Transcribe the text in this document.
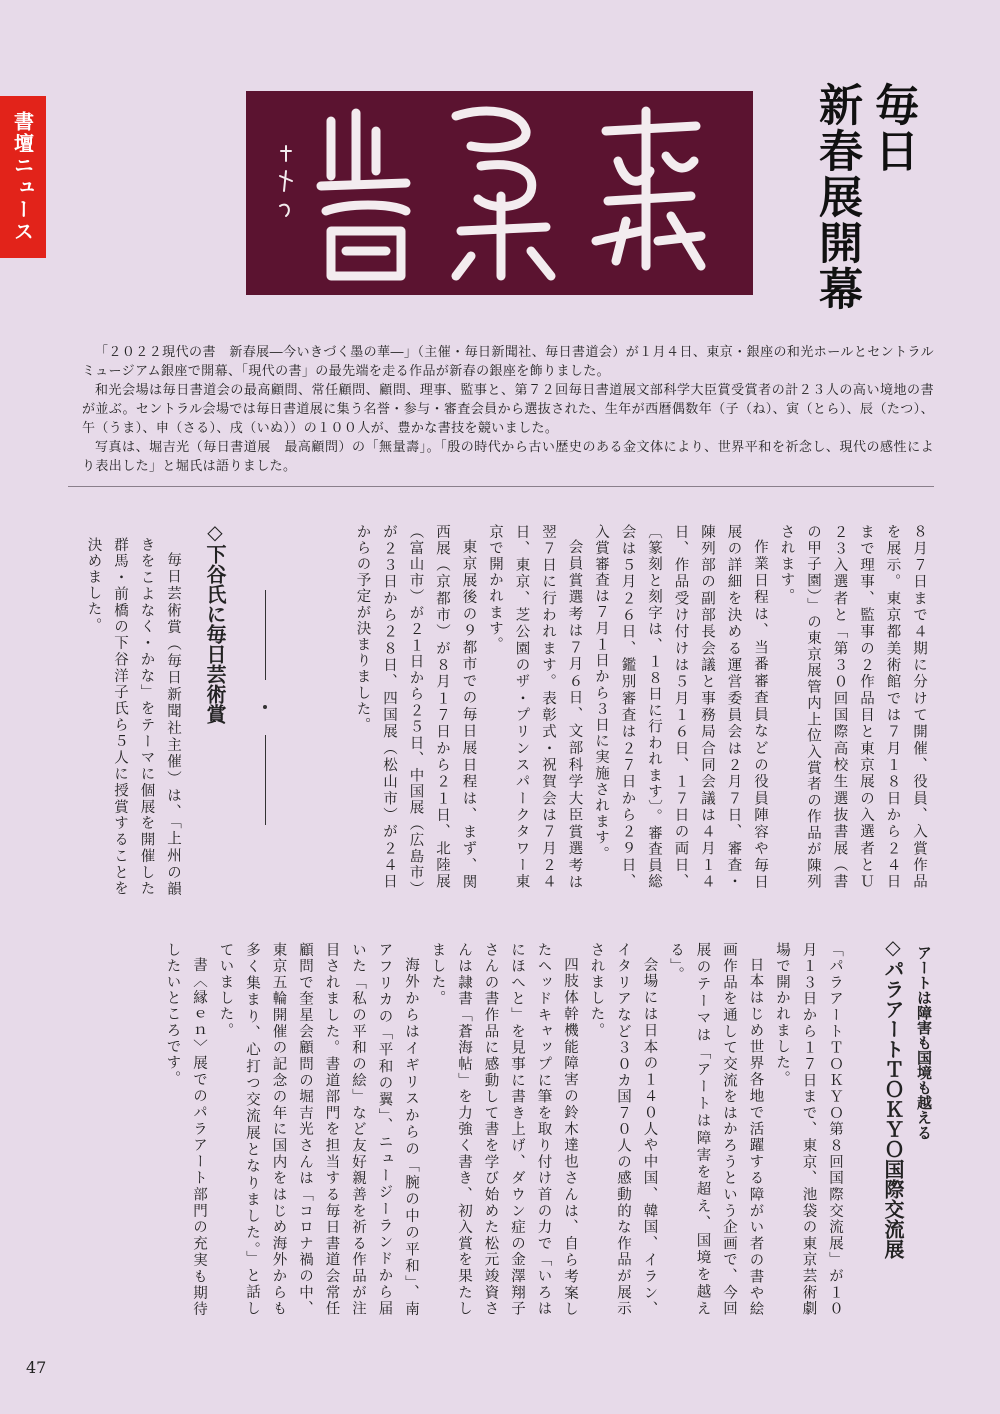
書壇ニュース	毎日
新春展開幕

「２０２２現代の書　新春展―今いきづく墨の華―」（主催・毎日新聞社、毎日書道会）が１月４日、東京・銀座の和光ホールとセントラルミュージアム銀座で開幕、「現代の書」の最先端を走る作品が新春の銀座を飾りました。

和光会場は毎日書道会の最高顧問、常任顧問、顧問、理事、監事と、第７２回毎日書道展文部科学大臣賞受賞者の計２３人の高い境地の書が並ぶ。セントラル会場では毎日書道展に集う名誉・参与・審査会員から選抜された、生年が西暦偶数年（子（ね）、寅（とら）、辰（たつ）、午（うま）、申（さる）、戌（いぬ））の１００人が、豊かな書技を競いました。

写真は、堀吉光（毎日書道展　最高顧問）の「無量壽」。「殷の時代から古い歴史のある金文体により、世界平和を祈念し、現代の感性により表出した」と堀氏は語りました。

８月７日まで４期に分けて開催、役員、入賞作品を展示。東京都美術館では７月１８日から２４日まで理事、監事の２作品目と東京展の入選者とＵ２３入選者と「第３０回国際高校生選抜書展（書の甲子園）」の東京展管内上位入賞者の作品が陳列されます。

作業日程は、当番審査員などの役員陣容や毎日展の詳細を決める運営委員会は２月７日、審査・陳列部の副部長会議と事務局合同会議は４月１４日、作品受け付けは５月１６日、１７日の両日、〔篆刻と刻字は、１８日に行われます〕。審査員総会は５月２６日、鑑別審査は２７日から２９日、入賞審査は７月１日から３日に実施されます。

会員賞選考は７月６日、文部科学大臣賞選考は翌７日に行われます。表彰式・祝賀会は７月２４日、東京、芝公園のザ・プリンスパークタワー東京で開かれます。

東京展後の９都市での毎日展日程は、まず、関西展（京都市）が８月１７日から２１日、北陸展（富山市）が２１日から２５日、中国展（広島市）が２３日から２８日、四国展（松山市）が２４日からの予定が決まりました。

◇下谷氏に毎日芸術賞

毎日芸術賞（毎日新聞社主催）は、「上州の韻きをこよなく・かな」をテーマに個展を開催した群馬・前橋の下谷洋子氏ら５人に授賞することを決めました。

アートは障害も国境も越える
◇パラアートＴＯＫＹＯ国際交流展

「パラアートＴＯＫＹＯ第８回国際交流展」が１０月１３日から１７日まで、東京、池袋の東京芸術劇場で開かれました。

日本はじめ世界各地で活躍する障がい者の書や絵画作品を通して交流をはかろうという企画で、今回展のテーマは「アートは障害を超え、国境を越える」。

会場には日本の１４０人や中国、韓国、イラン、イタリアなど３０カ国７０人の感動的な作品が展示されました。

四肢体幹機能障害の鈴木達也さんは、自ら考案したヘッドキャップに筆を取り付け首の力で「いろはにほへと」を見事に書き上げ、ダウン症の金澤翔子さんの書作品に感動して書を学び始めた松元竣資さんは隷書「蒼海帖」を力強く書き、初入賞を果たしました。

海外からはイギリスからの「腕の中の平和」、南アフリカの「平和の翼」、ニュージーランドから届いた「私の平和の絵」など友好親善を祈る作品が注目されました。書道部門を担当する毎日書道会常任顧問で奎星会顧問の堀吉光さんは「コロナ禍の中、東京五輪開催の記念の年に国内をはじめ海外からも多く集まり、心打つ交流展となりました。」と話していました。

書〈縁ｅｎ〉展でのパラアート部門の充実も期待したいところです。

47
